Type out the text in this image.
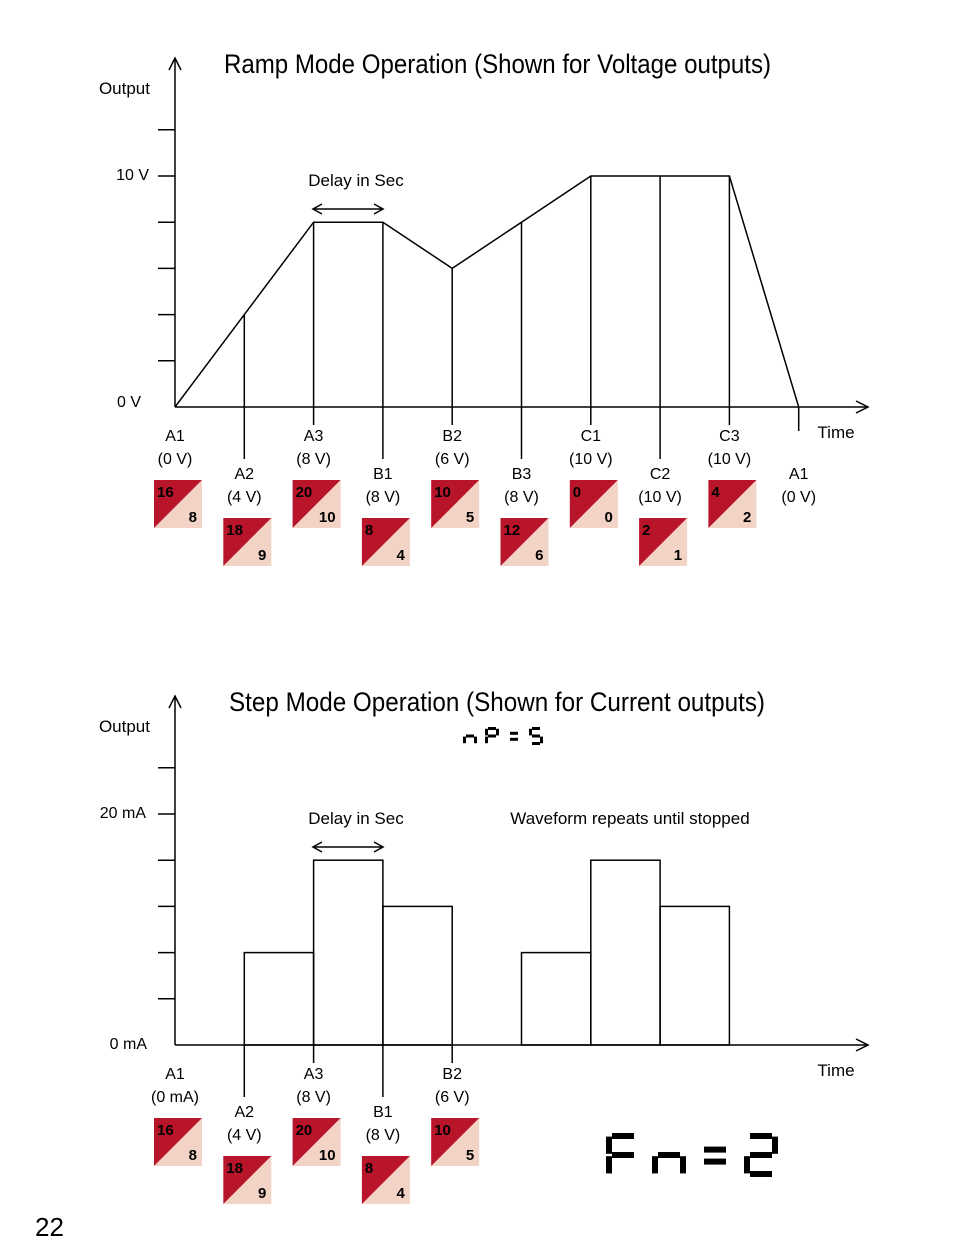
Ramp Mode Operation (Shown for Voltage outputs)
Output
10 V
0 V
Time
Delay in Sec
A1
(0 V)
A2
(4 V)
A3
(8 V)
B1
(8 V)
B2
(6 V)
B3
(8 V)
C1
(10 V)
C2
(10 V)
C3
(10 V)
A1
(0 V)
16
8
18
9
20
10
8
4
10
5
12
6
0
0
2
1
4
2
Step Mode Operation (Shown for Current outputs)
Output
20 mA
0 mA
Time
Delay in Sec	Waveform repeats until stopped
A1
(0 mA)
A2
(4 V)
A3
(8 V)
B1
(8 V)
B2
(6 V)
16
8
18
9
20
10
8
4
10
5
22
